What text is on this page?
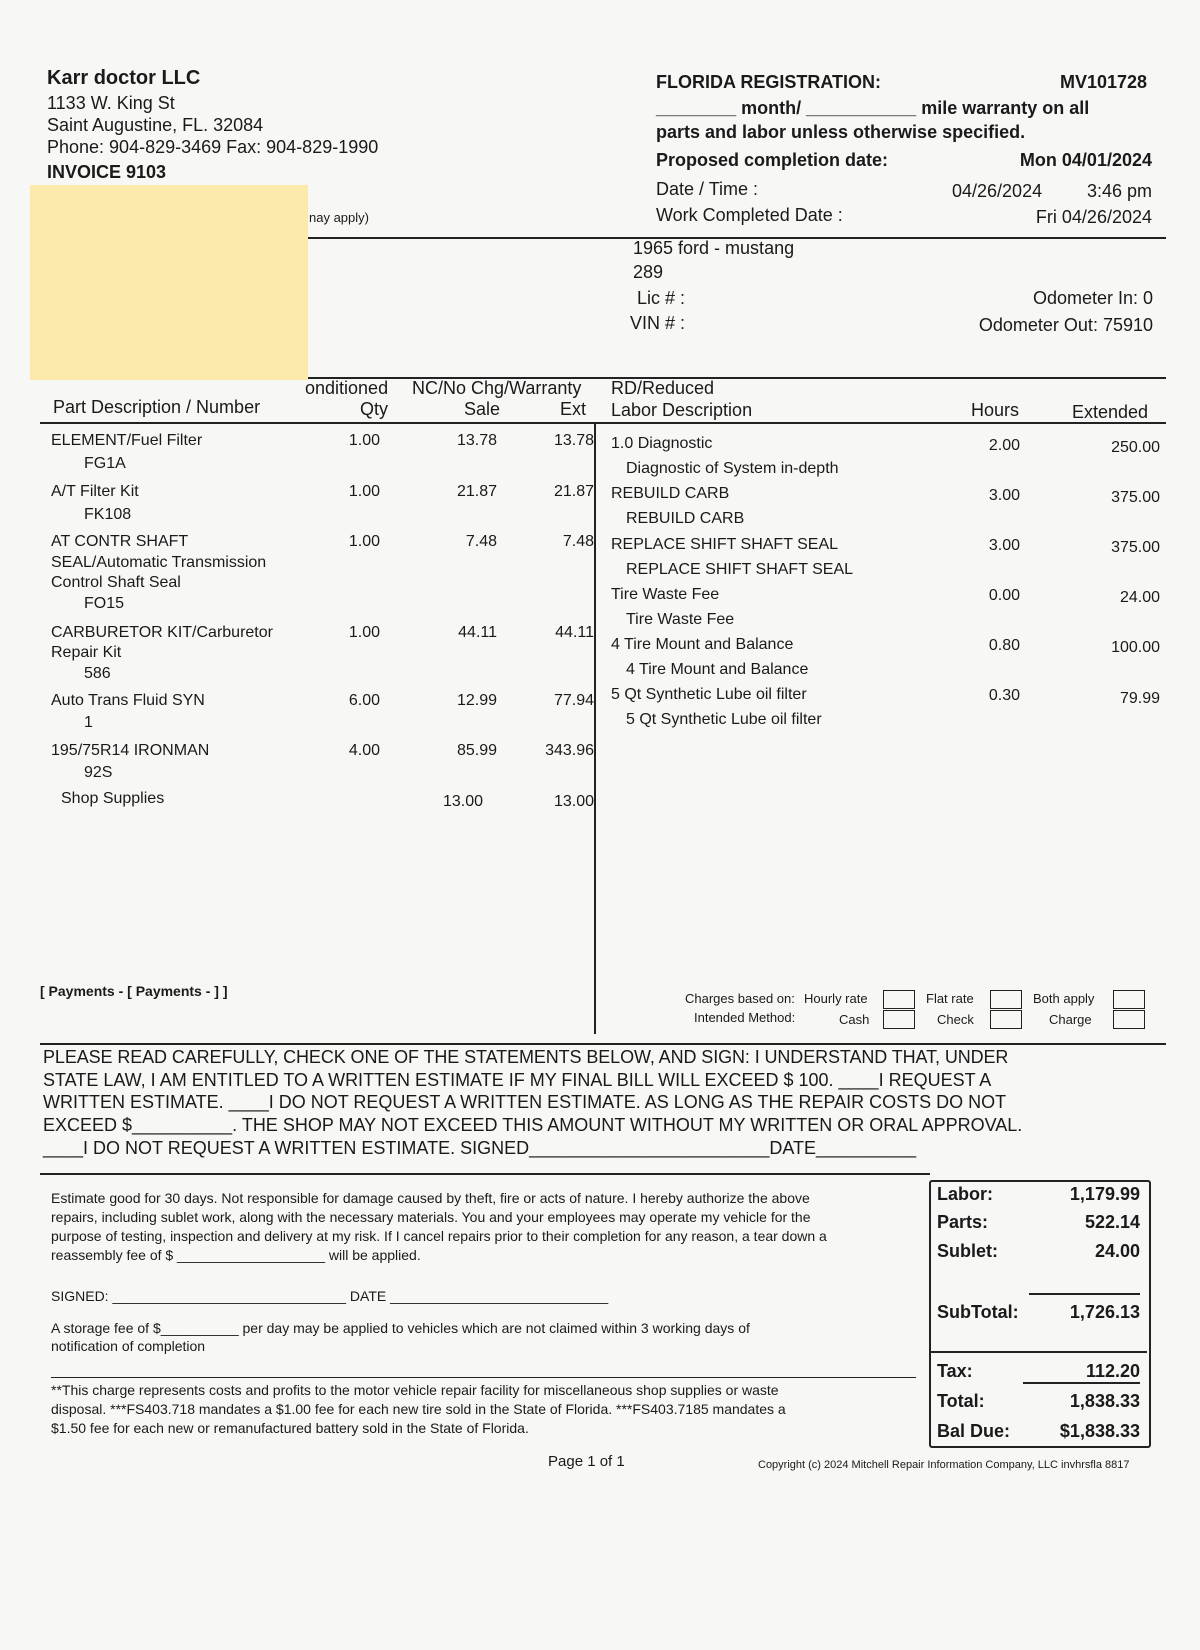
Karr doctor LLC
1133 W. King St
Saint Augustine, FL. 32084
Phone: 904-829-3469 Fax: 904-829-1990
INVOICE 9103
nay apply)
FLORIDA REGISTRATION:	MV101728
________ month/ ___________ mile warranty on all
parts and labor unless otherwise specified.
Proposed completion date:	Mon 04/01/2024
Date / Time :	04/26/2024	3:46 pm
Work Completed Date :	Fri 04/26/2024
1965 ford - mustang
289
Lic # :
VIN # :
Odometer In: 0
Odometer Out: 75910
onditioned NC/No Chg/Warranty
Part Description / Number	Qty	Sale	Ext
RD/Reduced
Labor Description	Hours	Extended
ELEMENT/Fuel Filter
FG1A
1.00	13.78	13.78
A/T Filter Kit
FK108
1.00	21.87	21.87
AT CONTR SHAFT
SEAL/Automatic Transmission
Control Shaft Seal
FO15
1.00	7.48	7.48
CARBURETOR KIT/Carburetor
Repair Kit
586
1.00	44.11	44.11
Auto Trans Fluid SYN
1
6.00	12.99	77.94
195/75R14 IRONMAN
92S
4.00	85.99	343.96
Shop Supplies	13.00	13.00
1.0 Diagnostic
Diagnostic of System in-depth
2.00	250.00
REBUILD CARB
REBUILD CARB
3.00	375.00
REPLACE SHIFT SHAFT SEAL
REPLACE SHIFT SHAFT SEAL
3.00	375.00
Tire Waste Fee
Tire Waste Fee
0.00	24.00
4 Tire Mount and Balance
4 Tire Mount and Balance
0.80	100.00
5 Qt Synthetic Lube oil filter
5 Qt Synthetic Lube oil filter
0.30	79.99
[ Payments - [ Payments - ] ]	Charges based on: Hourly rate	Flat rate	Both apply
Intended Method:	Cash	Check	Charge
PLEASE READ CAREFULLY, CHECK ONE OF THE STATEMENTS BELOW, AND SIGN: I UNDERSTAND THAT, UNDER
STATE LAW, I AM ENTITLED TO A WRITTEN ESTIMATE IF MY FINAL BILL WILL EXCEED $ 100. ____I REQUEST A
WRITTEN ESTIMATE. ____I DO NOT REQUEST A WRITTEN ESTIMATE. AS LONG AS THE REPAIR COSTS DO NOT
EXCEED $__________. THE SHOP MAY NOT EXCEED THIS AMOUNT WITHOUT MY WRITTEN OR ORAL APPROVAL.
____I DO NOT REQUEST A WRITTEN ESTIMATE. SIGNED________________________DATE__________
Estimate good for 30 days. Not responsible for damage caused by theft, fire or acts of nature. I hereby authorize the above
repairs, including sublet work, along with the necessary materials. You and your employees may operate my vehicle for the
purpose of testing, inspection and delivery at my risk. If I cancel repairs prior to their completion for any reason, a tear down a
reassembly fee of $ ___________________ will be applied.
SIGNED: ______________________________ DATE ____________________________
A storage fee of $__________ per day may be applied to vehicles which are not claimed within 3 working days of
notification of completion
**This charge represents costs and profits to the motor vehicle repair facility for miscellaneous shop supplies or waste
disposal. ***FS403.718 mandates a $1.00 fee for each new tire sold in the State of Florida. ***FS403.7185 mandates a
$1.50 fee for each new or remanufactured battery sold in the State of Florida.
Labor:	1,179.99
Parts:	522.14
Sublet:	24.00
SubTotal:	1,726.13
Tax:	112.20
Total:	1,838.33
Bal Due:	$1,838.33
Page 1 of 1	Copyright (c) 2024 Mitchell Repair Information Company, LLC invhrsfla 8817
